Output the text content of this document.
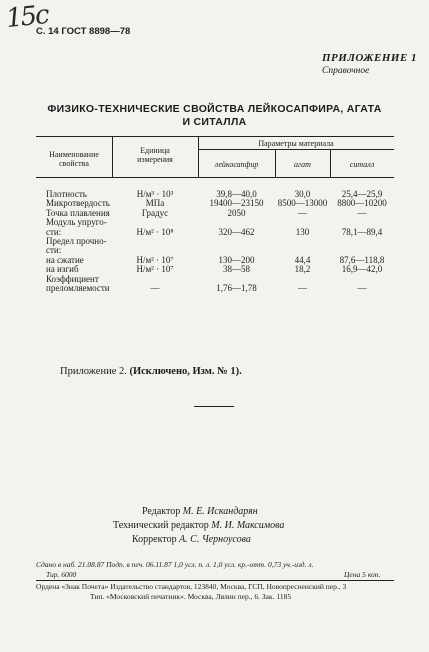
15c
С. 14 ГОСТ 8898—78
ПРИЛОЖЕНИЕ 1
Справочное
ФИЗИКО-ТЕХНИЧЕСКИЕ СВОЙСТВА ЛЕЙКОСАПФИРА, АГАТА
И СИТАЛЛА
Наименование
свойства
Единица
измерения
Параметры материала
лейкосапфир	агат	ситалл
Плотность	Н/м³ · 10³	39,8—40,0	30,0	25,4—25,9
Микротвердость	МПа	19400—23150	8500—13000	8800—10200
Точка плавления	Градус	2050	—	—
Модуль упруго-
сти:	Н/м² · 10⁸	320—462	130	78,1—89,4
Предел прочно-
сти:
на сжатие	Н/м² · 10⁷	130—200	44,4	87,6—118,8
на изгиб	Н/м² · 10⁷	38—58	18,2	16,9—42,0
Коэффициент
преломляемости	—	1,76—1,78	—	—
Приложение 2. (Исключено, Изм. № 1).
Редактор М. Е. Искандарян
Технический редактор М. И. Максимова
Корректор А. С. Черноусова
Сдано в наб. 21.08.87 Подп. в печ. 06.11.87 1,0 усл. п. л. 1,0 усл. кр.-отт. 0,73 уч.-изд. л.
Тир. 6000	Цена 5 коп.
Ордена «Знак Почета» Издательство стандартов, 123840, Москва, ГСП, Новопресненский пер., 3
Тип. «Московский печатник». Москва, Лялин пер., 6. Зак. 1185
